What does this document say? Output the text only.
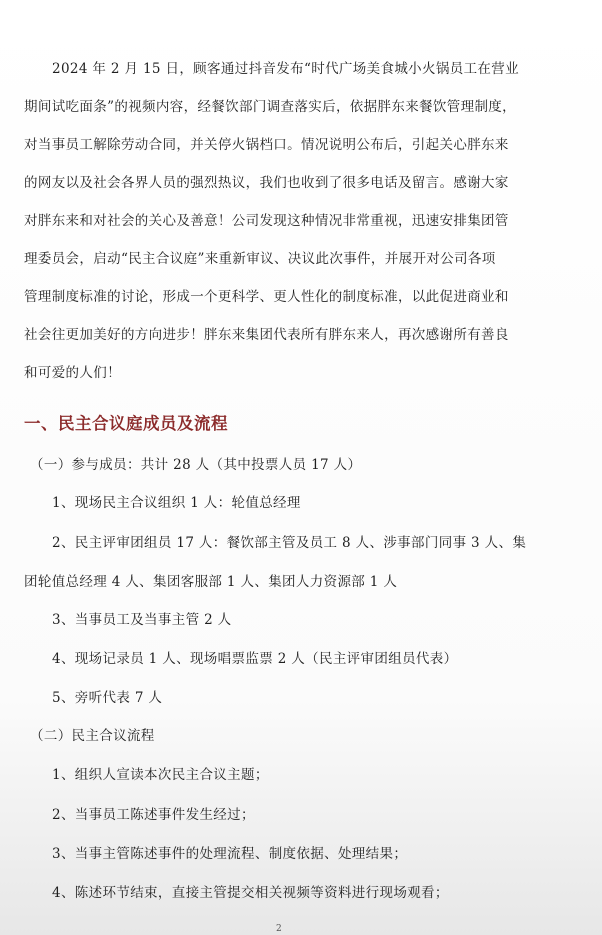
2024 年 2 月 15 日，顾客通过抖音发布“时代广场美食城小火锅员工在营业
期间试吃面条”的视频内容，经餐饮部门调查落实后，依据胖东来餐饮管理制度，
对当事员工解除劳动合同，并关停火锅档口。情况说明公布后，引起关心胖东来
的网友以及社会各界人员的强烈热议，我们也收到了很多电话及留言。感谢大家
对胖东来和对社会的关心及善意！公司发现这种情况非常重视，迅速安排集团管
理委员会，启动“民主合议庭”来重新审议、决议此次事件，并展开对公司各项
管理制度标准的讨论，形成一个更科学、更人性化的制度标准，以此促进商业和
社会往更加美好的方向进步！胖东来集团代表所有胖东来人，再次感谢所有善良
和可爱的人们！
一、民主合议庭成员及流程
（一）参与成员：共计 28 人（其中投票人员 17 人）
1、现场民主合议组织 1 人：轮值总经理
2、民主评审团组员 17 人：餐饮部主管及员工 8 人、涉事部门同事 3 人、集
团轮值总经理 4 人、集团客服部 1 人、集团人力资源部 1 人
3、当事员工及当事主管 2 人
4、现场记录员 1 人、现场唱票监票 2 人（民主评审团组员代表）
5、旁听代表 7 人
（二）民主合议流程
1、组织人宣读本次民主合议主题；
2、当事员工陈述事件发生经过；
3、当事主管陈述事件的处理流程、制度依据、处理结果；
4、陈述环节结束，直接主管提交相关视频等资料进行现场观看；
2
